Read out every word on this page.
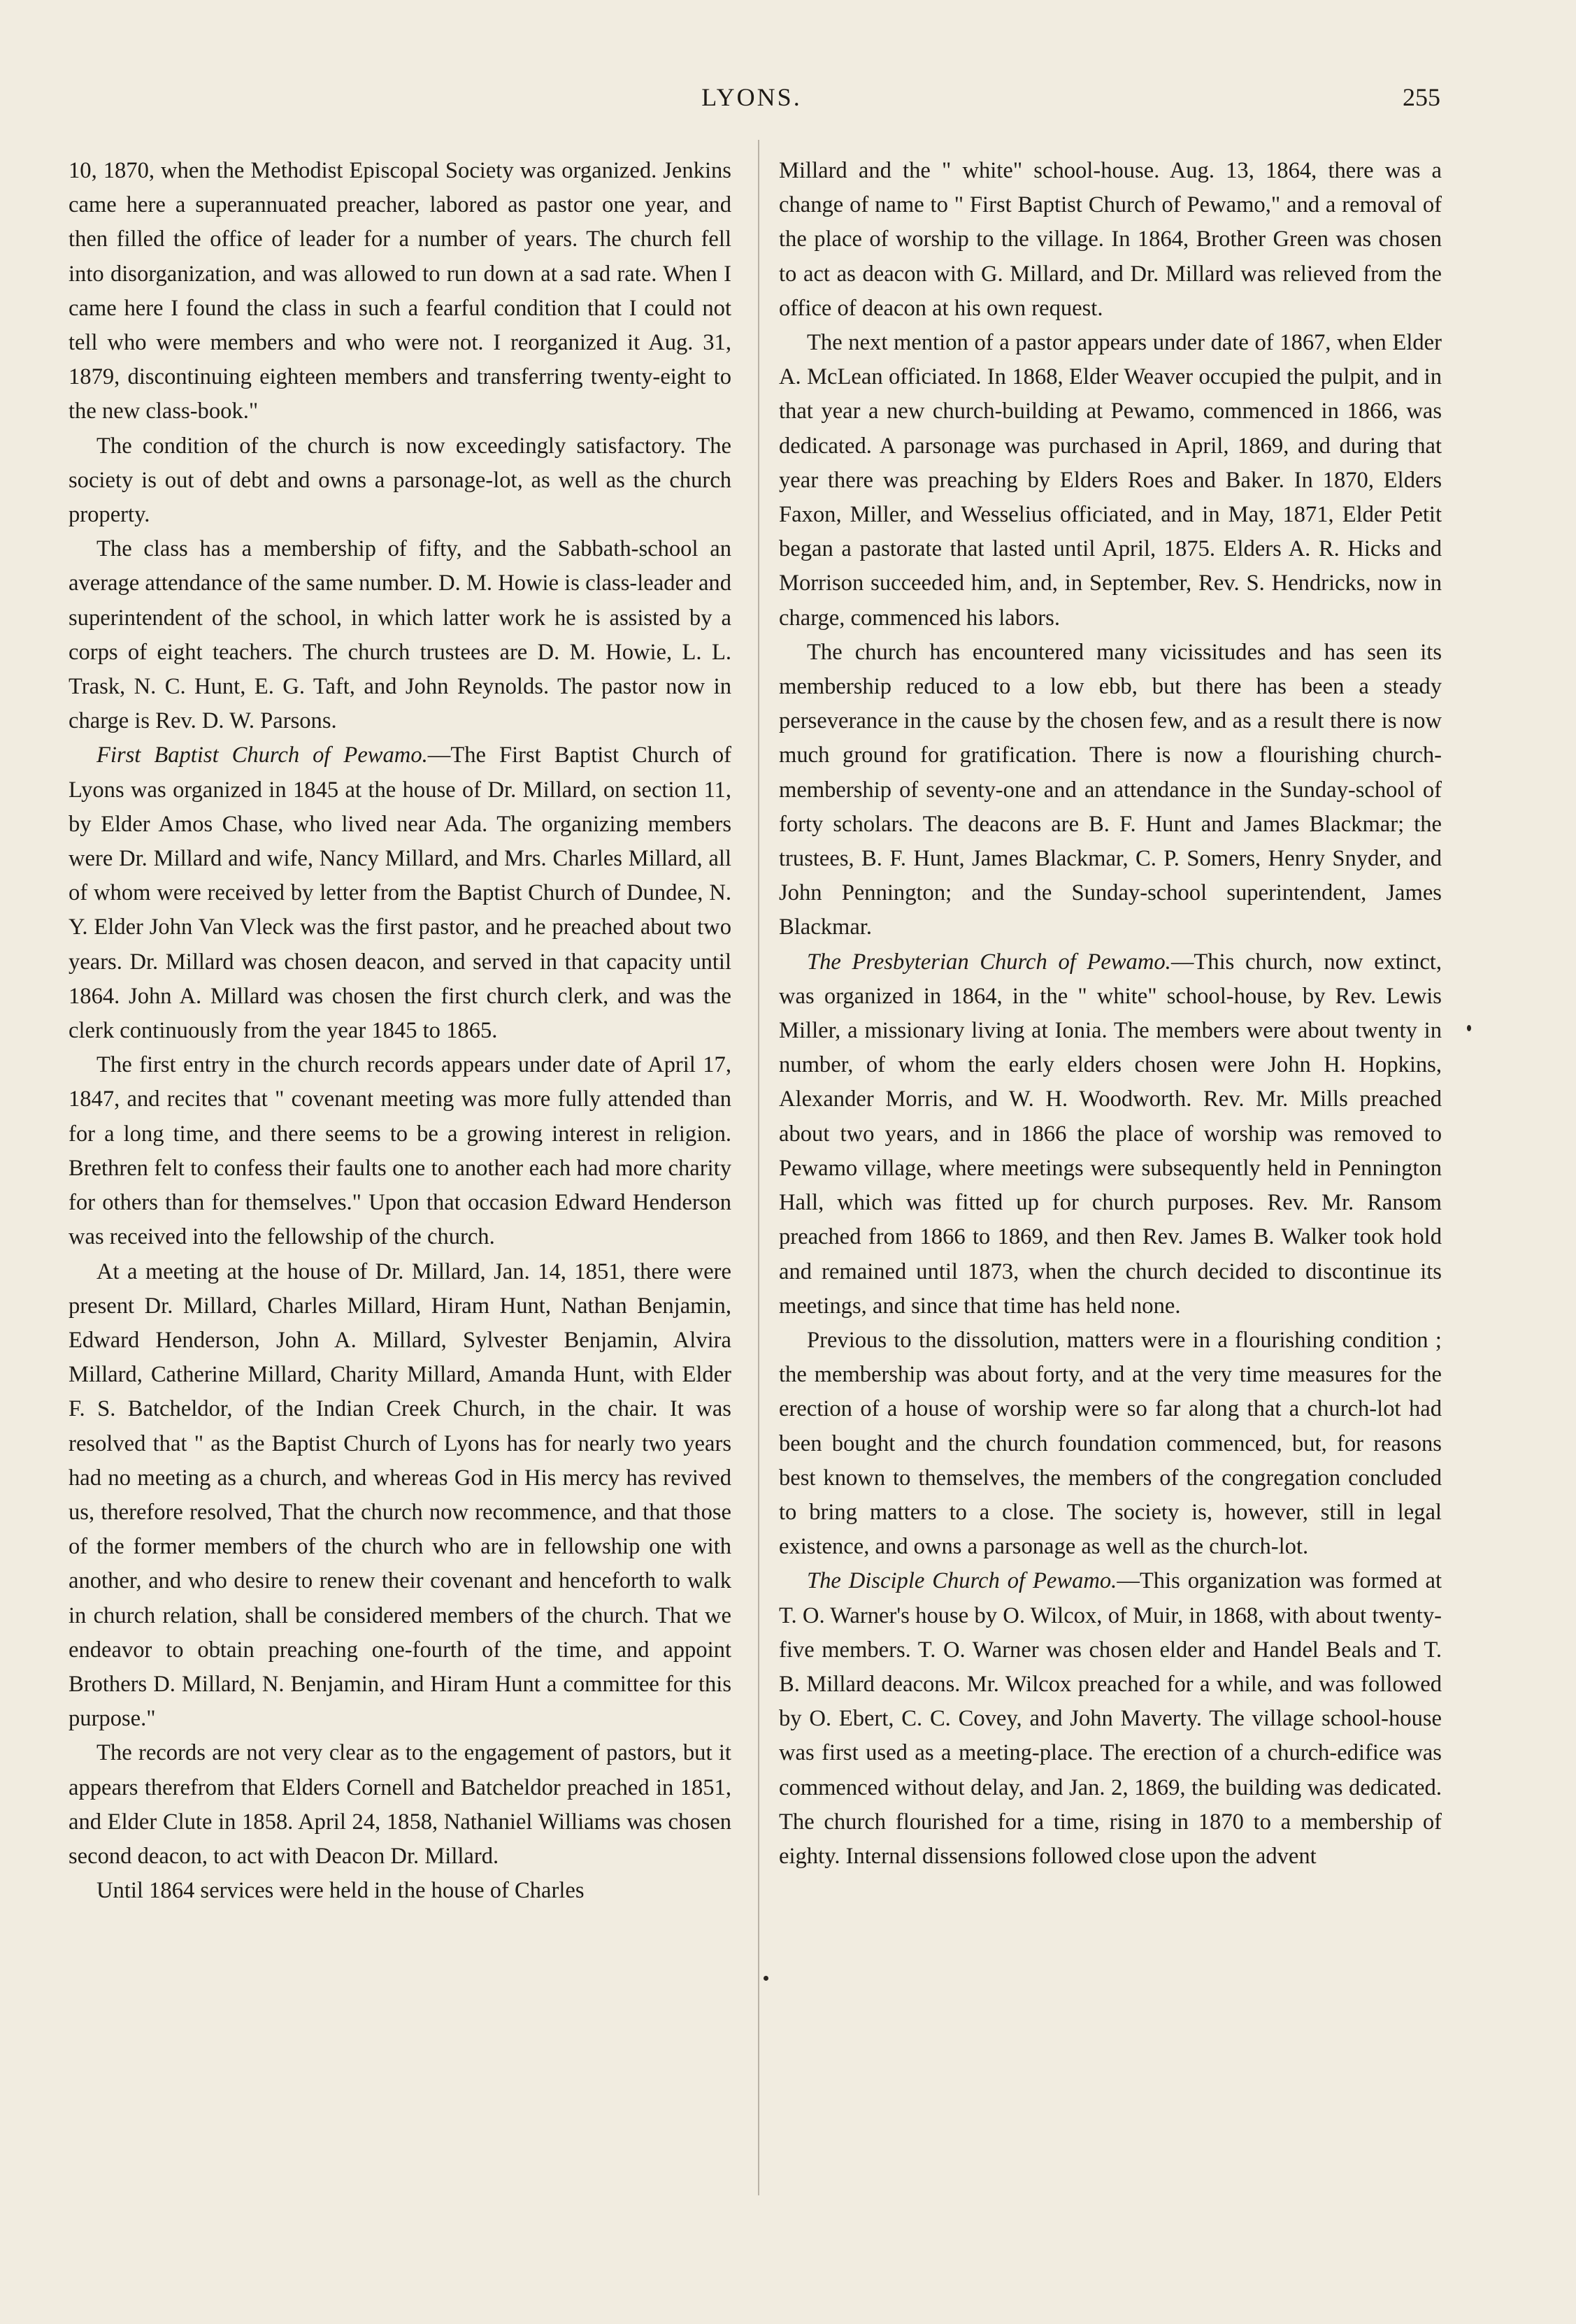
LYONS.	255

10, 1870, when the Methodist Episcopal Society was organized. Jenkins came here a superannuated preacher, labored as pastor one year, and then filled the office of leader for a number of years. The church fell into disorganization, and was allowed to run down at a sad rate. When I came here I found the class in such a fearful condition that I could not tell who were members and who were not. I reorganized it Aug. 31, 1879, discontinuing eighteen members and transferring twenty-eight to the new class-book."

The condition of the church is now exceedingly satisfactory. The society is out of debt and owns a parsonage-lot, as well as the church property.

The class has a membership of fifty, and the Sabbath-school an average attendance of the same number. D. M. Howie is class-leader and superintendent of the school, in which latter work he is assisted by a corps of eight teachers. The church trustees are D. M. Howie, L. L. Trask, N. C. Hunt, E. G. Taft, and John Reynolds. The pastor now in charge is Rev. D. W. Parsons.

First Baptist Church of Pewamo.—The First Baptist Church of Lyons was organized in 1845 at the house of Dr. Millard, on section 11, by Elder Amos Chase, who lived near Ada. The organizing members were Dr. Millard and wife, Nancy Millard, and Mrs. Charles Millard, all of whom were received by letter from the Baptist Church of Dundee, N. Y. Elder John Van Vleck was the first pastor, and he preached about two years. Dr. Millard was chosen deacon, and served in that capacity until 1864. John A. Millard was chosen the first church clerk, and was the clerk continuously from the year 1845 to 1865.

The first entry in the church records appears under date of April 17, 1847, and recites that " covenant meeting was more fully attended than for a long time, and there seems to be a growing interest in religion. Brethren felt to confess their faults one to another each had more charity for others than for themselves." Upon that occasion Edward Henderson was received into the fellowship of the church.

At a meeting at the house of Dr. Millard, Jan. 14, 1851, there were present Dr. Millard, Charles Millard, Hiram Hunt, Nathan Benjamin, Edward Henderson, John A. Millard, Sylvester Benjamin, Alvira Millard, Catherine Millard, Charity Millard, Amanda Hunt, with Elder F. S. Batcheldor, of the Indian Creek Church, in the chair. It was resolved that " as the Baptist Church of Lyons has for nearly two years had no meeting as a church, and whereas God in His mercy has revived us, therefore resolved, That the church now recommence, and that those of the former members of the church who are in fellowship one with another, and who desire to renew their covenant and henceforth to walk in church relation, shall be considered members of the church. That we endeavor to obtain preaching one-fourth of the time, and appoint Brothers D. Millard, N. Benjamin, and Hiram Hunt a committee for this purpose."

The records are not very clear as to the engagement of pastors, but it appears therefrom that Elders Cornell and Batcheldor preached in 1851, and Elder Clute in 1858. April 24, 1858, Nathaniel Williams was chosen second deacon, to act with Deacon Dr. Millard.

Until 1864 services were held in the house of Charles

Millard and the " white" school-house. Aug. 13, 1864, there was a change of name to " First Baptist Church of Pewamo," and a removal of the place of worship to the village. In 1864, Brother Green was chosen to act as deacon with G. Millard, and Dr. Millard was relieved from the office of deacon at his own request.

The next mention of a pastor appears under date of 1867, when Elder A. McLean officiated. In 1868, Elder Weaver occupied the pulpit, and in that year a new church-building at Pewamo, commenced in 1866, was dedicated. A parsonage was purchased in April, 1869, and during that year there was preaching by Elders Roes and Baker. In 1870, Elders Faxon, Miller, and Wesselius officiated, and in May, 1871, Elder Petit began a pastorate that lasted until April, 1875. Elders A. R. Hicks and Morrison succeeded him, and, in September, Rev. S. Hendricks, now in charge, commenced his labors.

The church has encountered many vicissitudes and has seen its membership reduced to a low ebb, but there has been a steady perseverance in the cause by the chosen few, and as a result there is now much ground for gratification. There is now a flourishing church-membership of seventy-one and an attendance in the Sunday-school of forty scholars. The deacons are B. F. Hunt and James Blackmar; the trustees, B. F. Hunt, James Blackmar, C. P. Somers, Henry Snyder, and John Pennington; and the Sunday-school superintendent, James Blackmar.

The Presbyterian Church of Pewamo.—This church, now extinct, was organized in 1864, in the " white" school-house, by Rev. Lewis Miller, a missionary living at Ionia. The members were about twenty in number, of whom the early elders chosen were John H. Hopkins, Alexander Morris, and W. H. Woodworth. Rev. Mr. Mills preached about two years, and in 1866 the place of worship was removed to Pewamo village, where meetings were subsequently held in Pennington Hall, which was fitted up for church purposes. Rev. Mr. Ransom preached from 1866 to 1869, and then Rev. James B. Walker took hold and remained until 1873, when the church decided to discontinue its meetings, and since that time has held none.

Previous to the dissolution, matters were in a flourishing condition ; the membership was about forty, and at the very time measures for the erection of a house of worship were so far along that a church-lot had been bought and the church foundation commenced, but, for reasons best known to themselves, the members of the congregation concluded to bring matters to a close. The society is, however, still in legal existence, and owns a parsonage as well as the church-lot.

The Disciple Church of Pewamo.—This organization was formed at T. O. Warner's house by O. Wilcox, of Muir, in 1868, with about twenty-five members. T. O. Warner was chosen elder and Handel Beals and T. B. Millard deacons. Mr. Wilcox preached for a while, and was followed by O. Ebert, C. C. Covey, and John Maverty. The village school-house was first used as a meeting-place. The erection of a church-edifice was commenced without delay, and Jan. 2, 1869, the building was dedicated. The church flourished for a time, rising in 1870 to a membership of eighty. Internal dissensions followed close upon the advent
